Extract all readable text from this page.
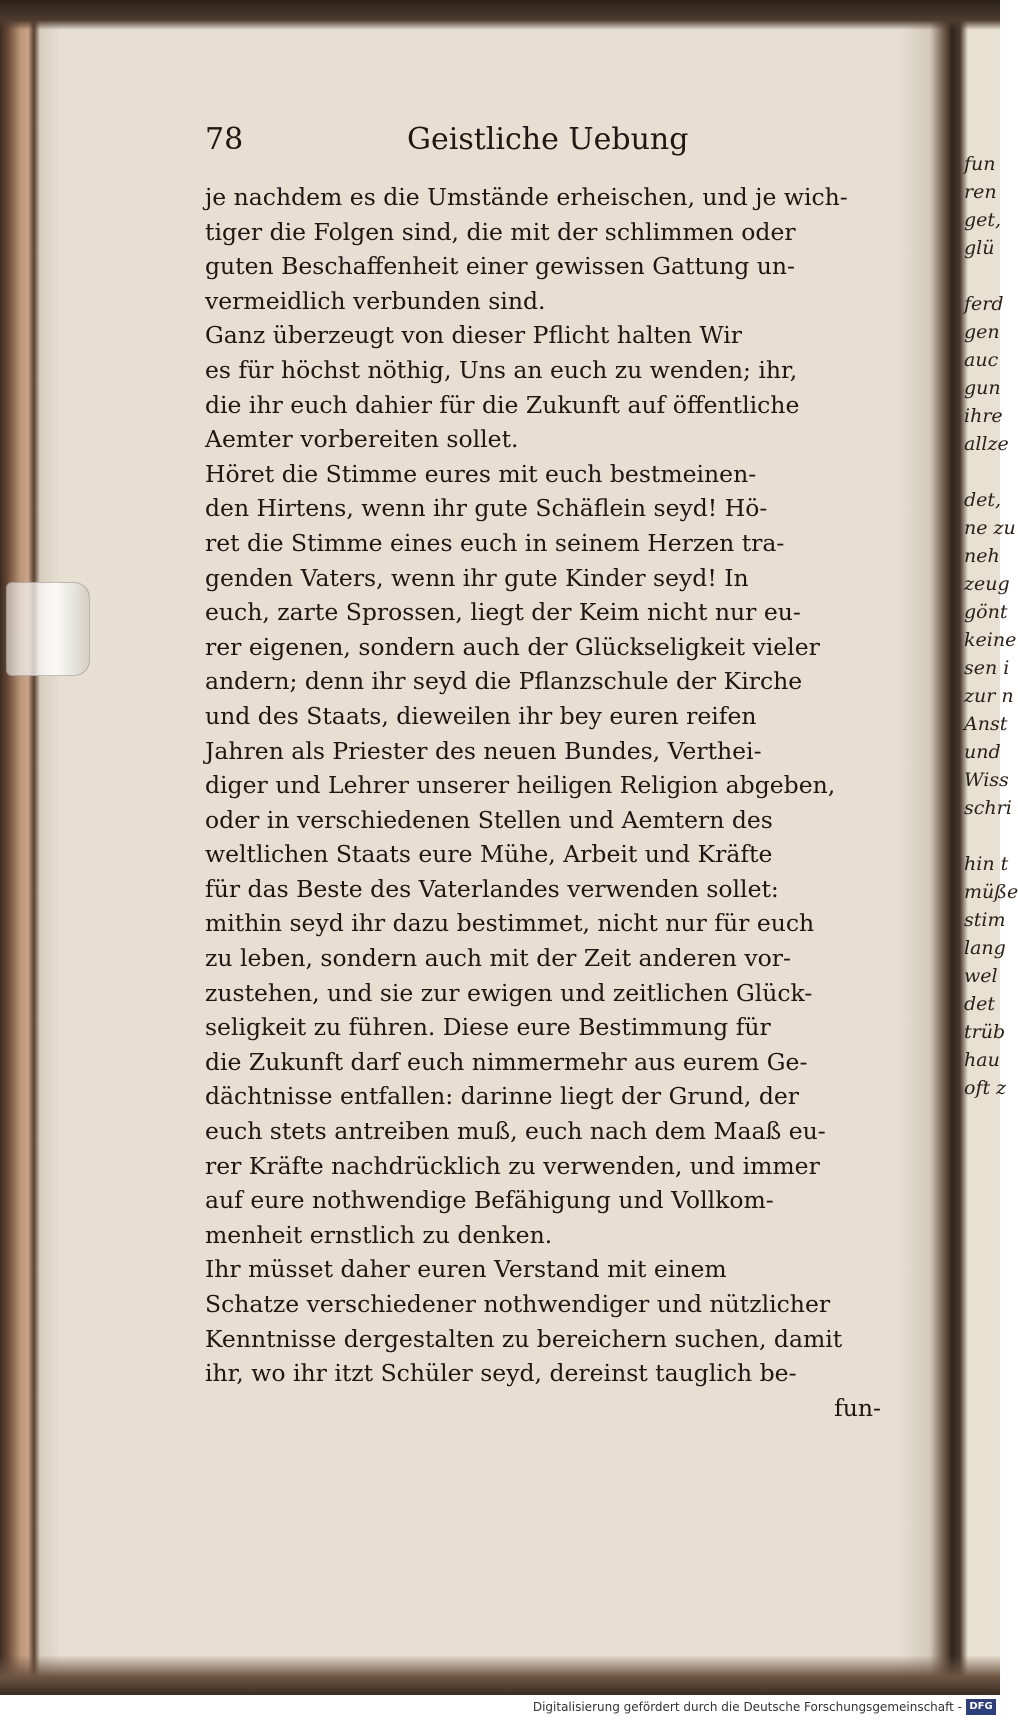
78	Geistliche Uebung
je nachdem es die Umstände erheischen, und je wich-
tiger die Folgen sind, die mit der schlimmen oder
guten Beschaffenheit einer gewissen Gattung un-
vermeidlich verbunden sind.
Ganz überzeugt von dieser Pflicht halten Wir
es für höchst nöthig, Uns an euch zu wenden; ihr,
die ihr euch dahier für die Zukunft auf öffentliche
Aemter vorbereiten sollet.
Höret die Stimme eures mit euch bestmeinen-
den Hirtens, wenn ihr gute Schäflein seyd! Hö-
ret die Stimme eines euch in seinem Herzen tra-
genden Vaters, wenn ihr gute Kinder seyd! In
euch, zarte Sprossen, liegt der Keim nicht nur eu-
rer eigenen, sondern auch der Glückseligkeit vieler
andern; denn ihr seyd die Pflanzschule der Kirche
und des Staats, dieweilen ihr bey euren reifen
Jahren als Priester des neuen Bundes, Verthei-
diger und Lehrer unserer heiligen Religion abgeben,
oder in verschiedenen Stellen und Aemtern des
weltlichen Staats eure Mühe, Arbeit und Kräfte
für das Beste des Vaterlandes verwenden sollet:
mithin seyd ihr dazu bestimmet, nicht nur für euch
zu leben, sondern auch mit der Zeit anderen vor-
zustehen, und sie zur ewigen und zeitlichen Glück-
seligkeit zu führen. Diese eure Bestimmung für
die Zukunft darf euch nimmermehr aus eurem Ge-
dächtnisse entfallen: darinne liegt der Grund, der
euch stets antreiben muß, euch nach dem Maaß eu-
rer Kräfte nachdrücklich zu verwenden, und immer
auf eure nothwendige Befähigung und Vollkom-
menheit ernstlich zu denken.
Ihr müsset daher euren Verstand mit einem
Schatze verschiedener nothwendiger und nützlicher
Kenntnisse dergestalten zu bereichern suchen, damit
ihr, wo ihr itzt Schüler seyd, dereinst tauglich be-
fun-
fun
ren
get,
glü

ferd
gen
auc
gun
ihre
allze

det,
ne zu
neh
zeug
gönt
keine
sen i
zur n
Anst
und
Wiss
schri

hin t
müße
stim
lang
wel
det
trüb
hau
oft z
Digitalisierung gefördert durch die Deutsche Forschungsgemeinschaft - DFG
